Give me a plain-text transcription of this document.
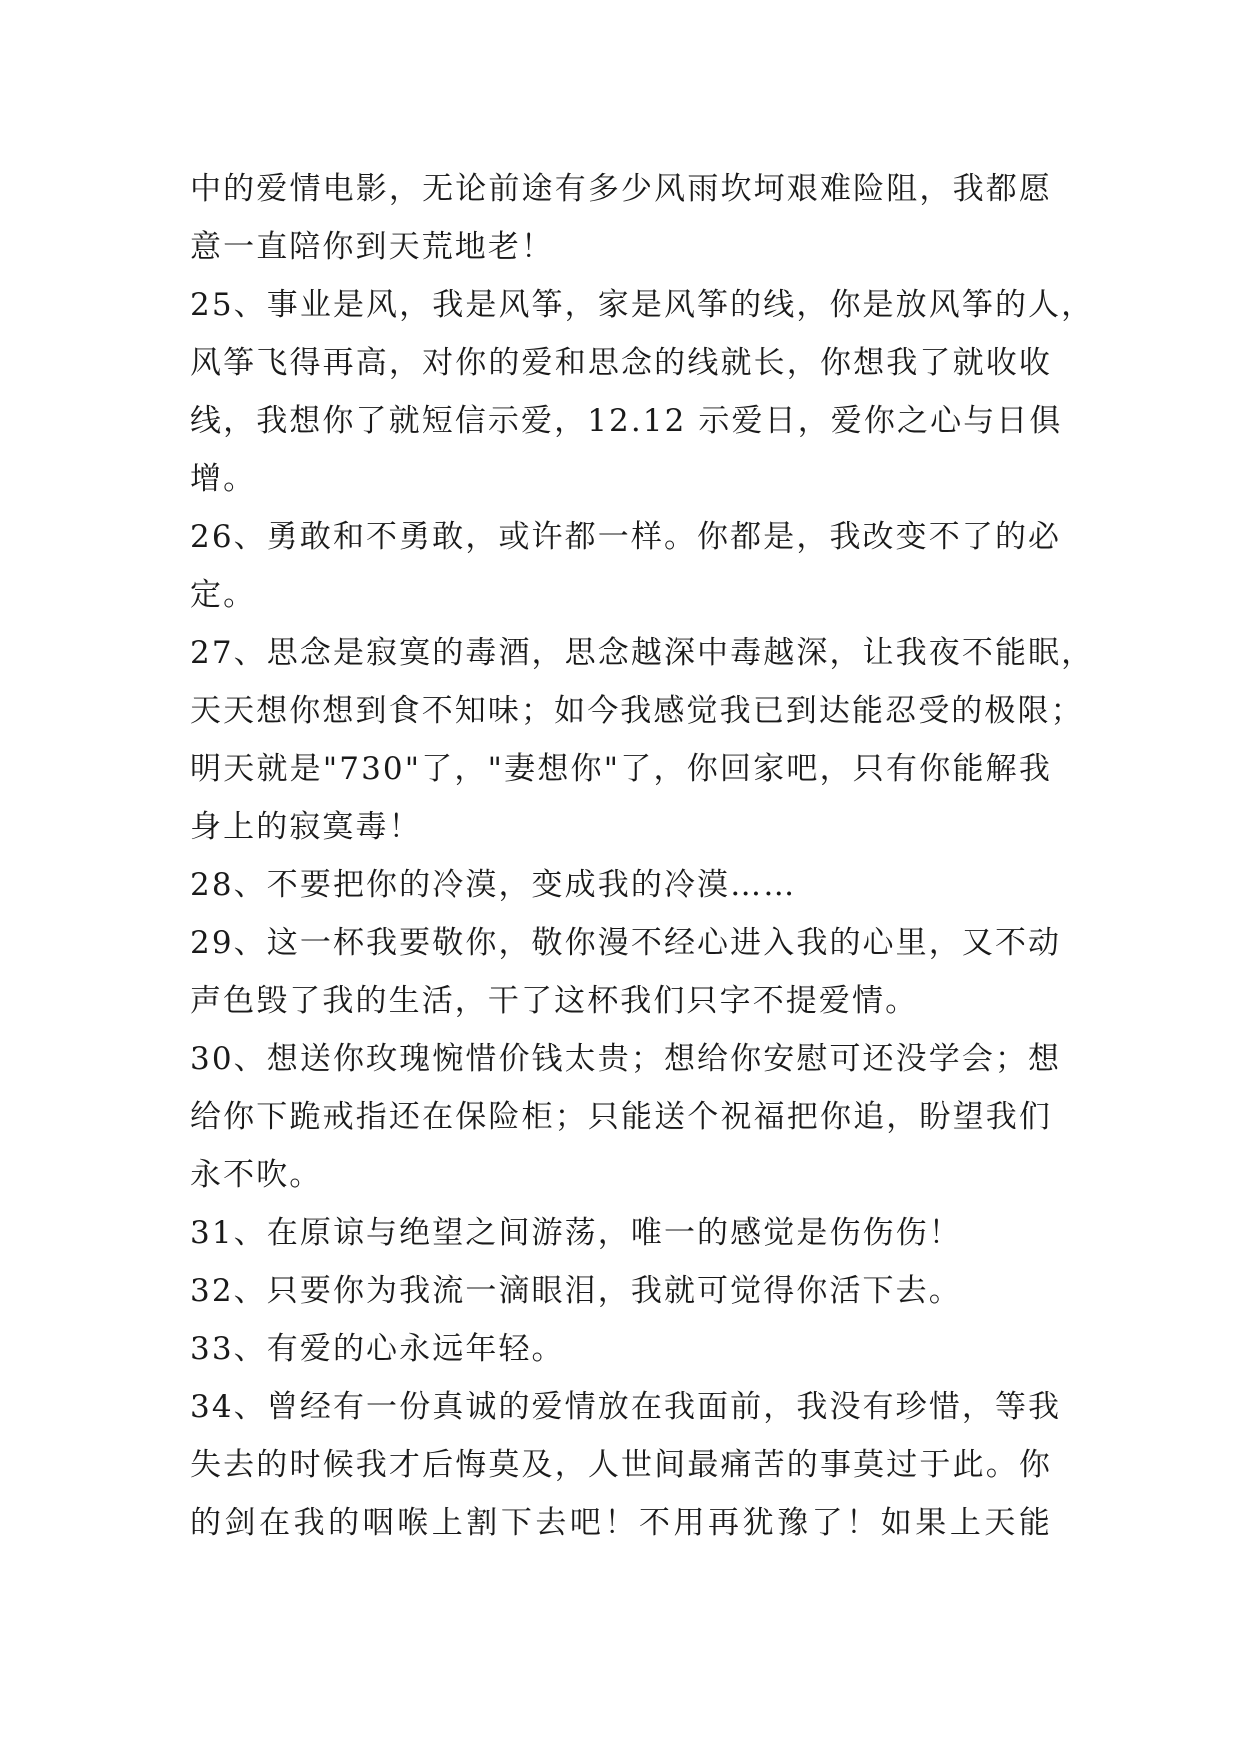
中的爱情电影，无论前途有多少风雨坎坷艰难险阻，我都愿
意一直陪你到天荒地老！
25、事业是风，我是风筝，家是风筝的线，你是放风筝的人，
风筝飞得再高，对你的爱和思念的线就长，你想我了就收收
线，我想你了就短信示爱，12.12 示爱日，爱你之心与日俱
增。
26、勇敢和不勇敢，或许都一样。你都是，我改变不了的必
定。
27、思念是寂寞的毒酒，思念越深中毒越深，让我夜不能眠，
天天想你想到食不知味；如今我感觉我已到达能忍受的极限；
明天就是"730"了，"妻想你"了，你回家吧，只有你能解我
身上的寂寞毒！
28、不要把你的冷漠，变成我的冷漠……
29、这一杯我要敬你，敬你漫不经心进入我的心里，又不动
声色毁了我的生活，干了这杯我们只字不提爱情。
30、想送你玫瑰惋惜价钱太贵；想给你安慰可还没学会；想
给你下跪戒指还在保险柜；只能送个祝福把你追，盼望我们
永不吹。
31、在原谅与绝望之间游荡，唯一的感觉是伤伤伤！
32、只要你为我流一滴眼泪，我就可觉得你活下去。
33、有爱的心永远年轻。
34、曾经有一份真诚的爱情放在我面前，我没有珍惜，等我
失去的时候我才后悔莫及，人世间最痛苦的事莫过于此。你
的剑在我的咽喉上割下去吧！不用再犹豫了！如果上天能
